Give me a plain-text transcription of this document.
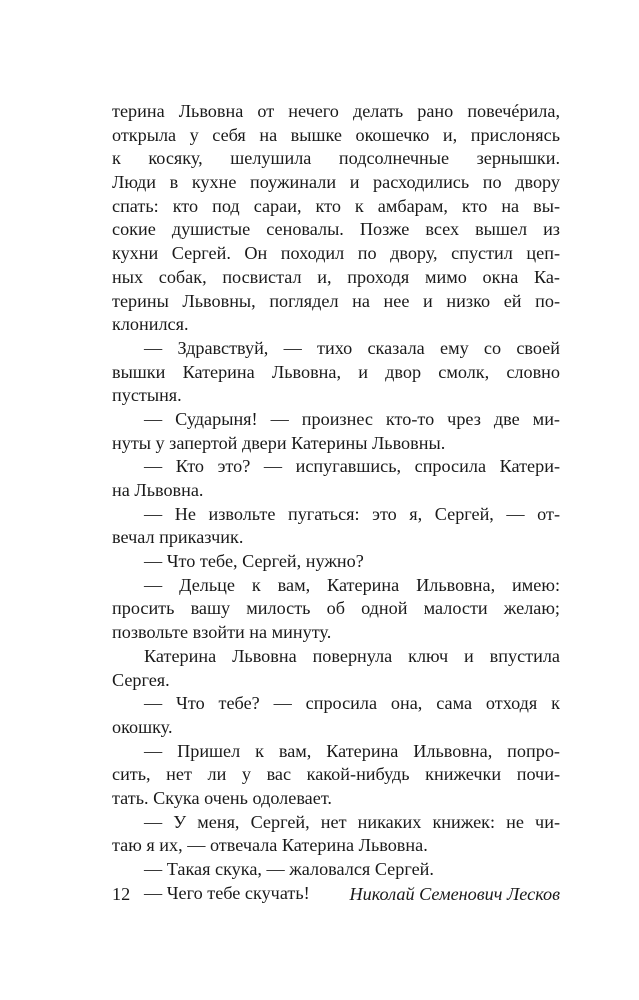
терина Львовна от нечего делать рано повечéрила,
открыла у себя на вышке окошечко и, прислонясь
к косяку, шелушила подсолнечные зернышки.
Люди в кухне поужинали и расходились по двору
спать: кто под сараи, кто к амбарам, кто на вы-
сокие душистые сеновалы. Позже всех вышел из
кухни Сергей. Он походил по двору, спустил цеп-
ных собак, посвистал и, проходя мимо окна Ка-
терины Львовны, поглядел на нее и низко ей по-
клонился.
— Здравствуй, — тихо сказала ему со своей
вышки Катерина Львовна, и двор смолк, словно
пустыня.
— Сударыня! — произнес кто-то чрез две ми-
нуты у запертой двери Катерины Львовны.
— Кто это? — испугавшись, спросила Катери-
на Львовна.
— Не извольте пугаться: это я, Сергей, — от-
вечал приказчик.
— Что тебе, Сергей, нужно?
— Дельце к вам, Катерина Ильвовна, имею:
просить вашу милость об одной малости желаю;
позвольте взойти на минуту.
Катерина Львовна повернула ключ и впустила
Сергея.
— Что тебе? — спросила она, сама отходя к
окошку.
— Пришел к вам, Катерина Ильвовна, попро-
сить, нет ли у вас какой-нибудь книжечки почи-
тать. Скука очень одолевает.
— У меня, Сергей, нет никаких книжек: не чи-
таю я их, — отвечала Катерина Львовна.
— Такая скука, — жаловался Сергей.
— Чего тебе скучать!
12	Николай Семенович Лесков
